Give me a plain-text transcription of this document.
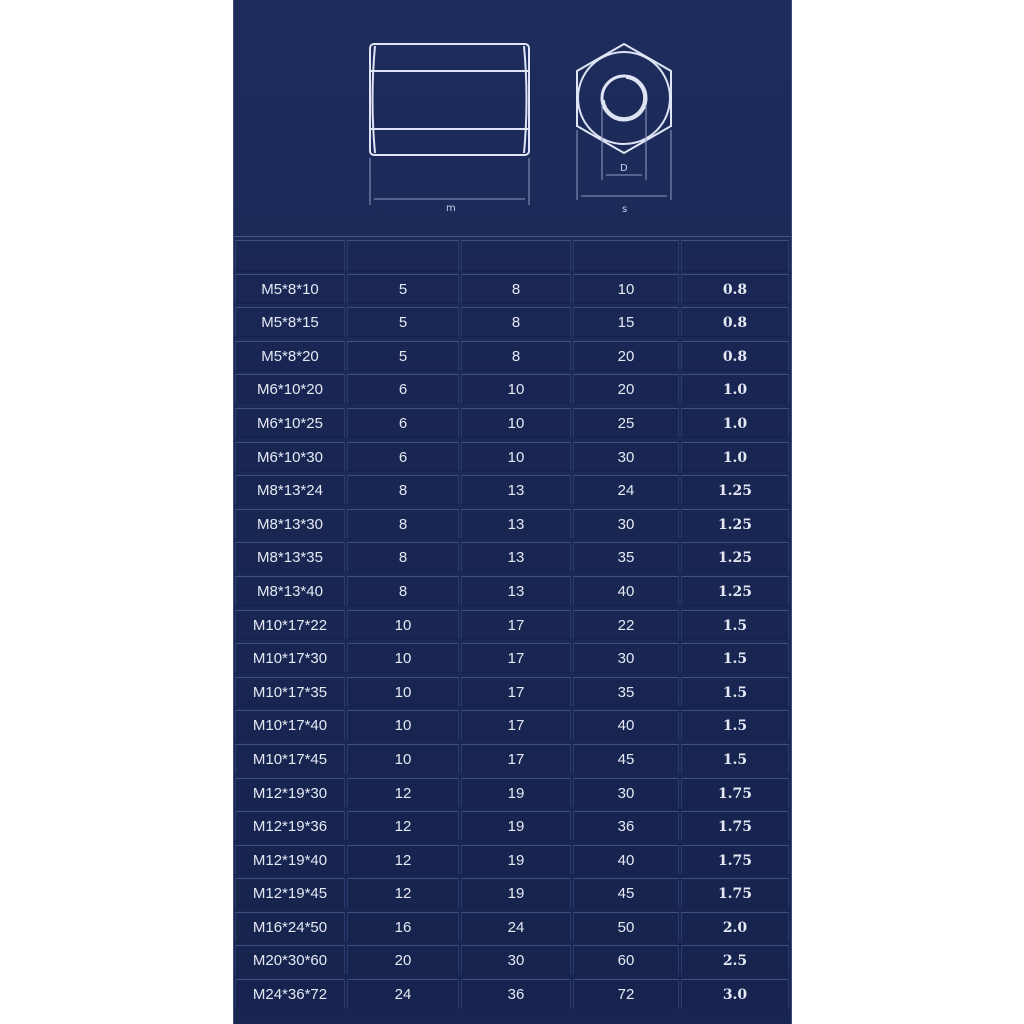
m
D
s
M5*8*10	5	8	10	0.8
M5*8*15	5	8	15	0.8
M5*8*20	5	8	20	0.8
M6*10*20	6	10	20	1.0
M6*10*25	6	10	25	1.0
M6*10*30	6	10	30	1.0
M8*13*24	8	13	24	1.25
M8*13*30	8	13	30	1.25
M8*13*35	8	13	35	1.25
M8*13*40	8	13	40	1.25
M10*17*22	10	17	22	1.5
M10*17*30	10	17	30	1.5
M10*17*35	10	17	35	1.5
M10*17*40	10	17	40	1.5
M10*17*45	10	17	45	1.5
M12*19*30	12	19	30	1.75
M12*19*36	12	19	36	1.75
M12*19*40	12	19	40	1.75
M12*19*45	12	19	45	1.75
M16*24*50	16	24	50	2.0
M20*30*60	20	30	60	2.5
M24*36*72	24	36	72	3.0
